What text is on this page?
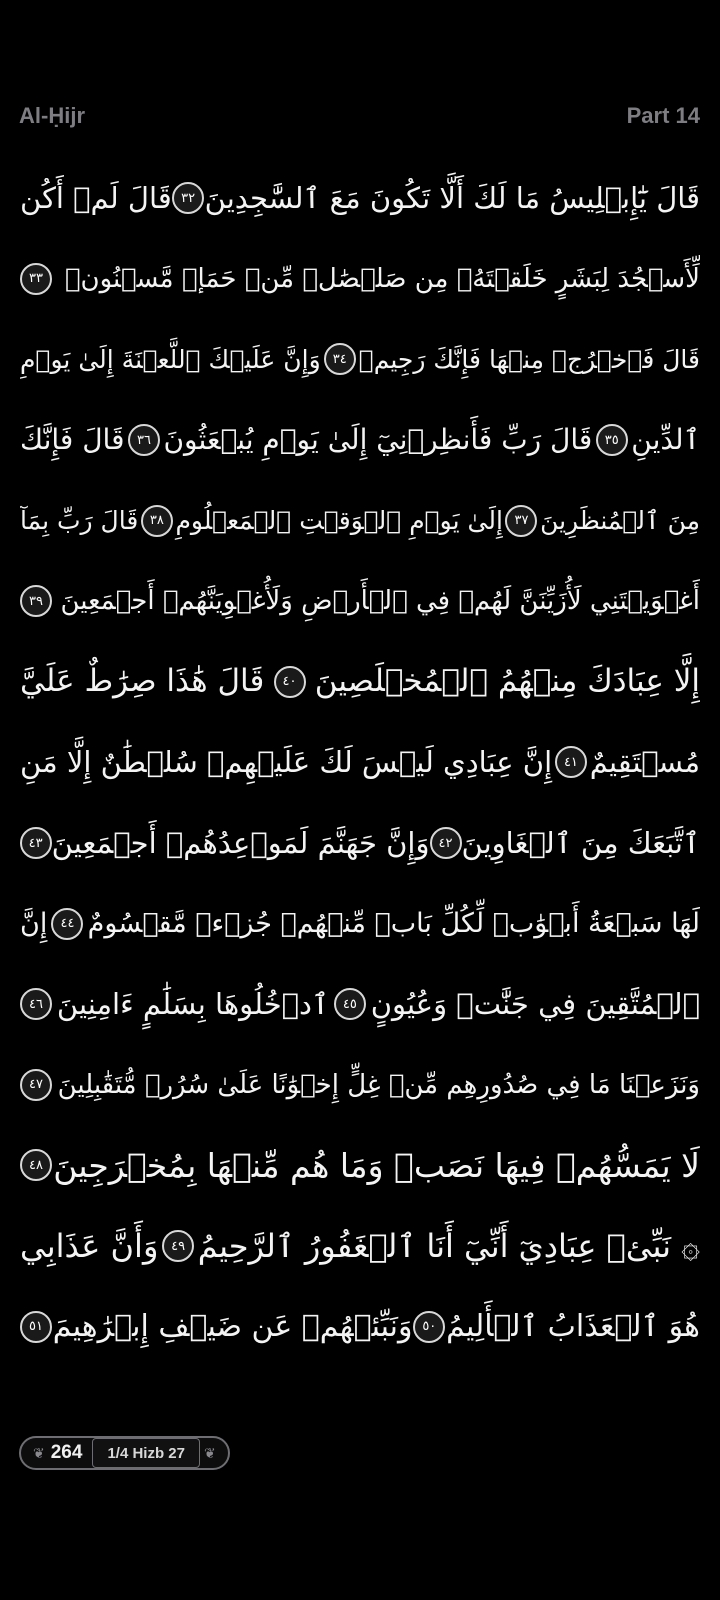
Al-Ḥijr	Part 14
قَالَ يَٰٓإِبۡلِيسُ مَا لَكَ أَلَّا تَكُونَ مَعَ ٱلسَّٰجِدِينَ
٣٢
قَالَ لَمۡ أَكُن
لِّأَسۡجُدَ لِبَشَرٍ خَلَقۡتَهُۥ مِن صَلۡصَٰلٖ مِّنۡ حَمَإٖ مَّسۡنُونٖ
٣٣
قَالَ فَٱخۡرُجۡ مِنۡهَا فَإِنَّكَ رَجِيمٞ
٣٤
وَإِنَّ عَلَيۡكَ ٱللَّعۡنَةَ إِلَىٰ يَوۡمِ
ٱلدِّينِ
٣٥
قَالَ رَبِّ فَأَنظِرۡنِيٓ إِلَىٰ يَوۡمِ يُبۡعَثُونَ
٣٦
قَالَ فَإِنَّكَ
مِنَ ٱلۡمُنظَرِينَ
٣٧
إِلَىٰ يَوۡمِ ٱلۡوَقۡتِ ٱلۡمَعۡلُومِ
٣٨
قَالَ رَبِّ بِمَآ
أَغۡوَيۡتَنِي لَأُزَيِّنَنَّ لَهُمۡ فِي ٱلۡأَرۡضِ وَلَأُغۡوِيَنَّهُمۡ أَجۡمَعِينَ
٣٩
إِلَّا عِبَادَكَ مِنۡهُمُ ٱلۡمُخۡلَصِينَ
٤٠
قَالَ هَٰذَا صِرَٰطٌ عَلَيَّ
مُسۡتَقِيمٌ
٤١
إِنَّ عِبَادِي لَيۡسَ لَكَ عَلَيۡهِمۡ سُلۡطَٰنٌ إِلَّا مَنِ
ٱتَّبَعَكَ مِنَ ٱلۡغَاوِينَ
٤٢
وَإِنَّ جَهَنَّمَ لَمَوۡعِدُهُمۡ أَجۡمَعِينَ
٤٣
لَهَا سَبۡعَةُ أَبۡوَٰبٖ لِّكُلِّ بَابٖ مِّنۡهُمۡ جُزۡءٞ مَّقۡسُومٌ
٤٤
إِنَّ
ٱلۡمُتَّقِينَ فِي جَنَّٰتٖ وَعُيُونٍ
٤٥
ٱدۡخُلُوهَا بِسَلَٰمٍ ءَامِنِينَ
٤٦
وَنَزَعۡنَا مَا فِي صُدُورِهِم مِّنۡ غِلٍّ إِخۡوَٰنًا عَلَىٰ سُرُرٖ مُّتَقَٰبِلِينَ
٤٧
لَا يَمَسُّهُمۡ فِيهَا نَصَبٞ وَمَا هُم مِّنۡهَا بِمُخۡرَجِينَ
٤٨
۞ نَبِّئۡ عِبَادِيٓ أَنِّيٓ أَنَا ٱلۡغَفُورُ ٱلرَّحِيمُ
٤٩
وَأَنَّ عَذَابِي
هُوَ ٱلۡعَذَابُ ٱلۡأَلِيمُ
٥٠
وَنَبِّئۡهُمۡ عَن ضَيۡفِ إِبۡرَٰهِيمَ
٥١
❦ 264	1/4 Hizb 27	❦
